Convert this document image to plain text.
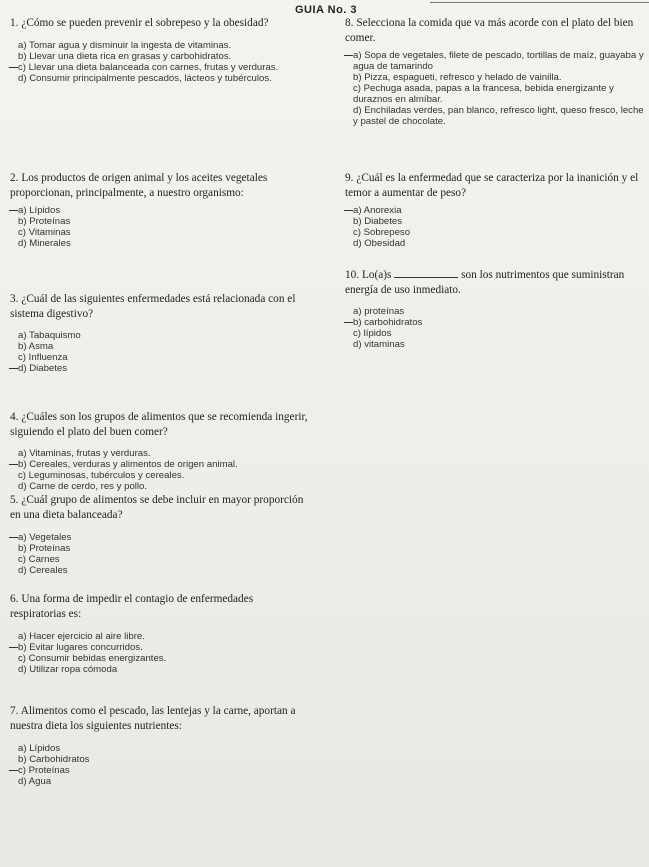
GUIA No. 3
1. ¿Cómo se pueden prevenir el sobrepeso y la obesidad?
a) Tomar agua y disminuir la ingesta de vitaminas.
b) Llevar una dieta rica en grasas y carbohidratos.
c) Llevar una dieta balanceada con carnes, frutas y verduras.
d) Consumir principalmente pescados, lácteos y tubérculos.
2. Los productos de origen animal y los aceites vegetales proporcionan, principalmente, a nuestro organismo:
a) Lípidos
b) Proteínas
c) Vitaminas
d) Minerales
3. ¿Cuál de las siguientes enfermedades está relacionada con el sistema digestivo?
a) Tabaquismo
b) Asma
c) Influenza
d) Diabetes
4. ¿Cuáles son los grupos de alimentos que se recomienda ingerir, siguiendo el plato del buen comer?
a) Vitaminas, frutas y verduras.
b) Cereales, verduras y alimentos de origen animal.
c) Leguminosas, tubérculos y cereales.
d) Carne de cerdo, res y pollo.
5. ¿Cuál grupo de alimentos se debe incluir en mayor proporción en una dieta balanceada?
a) Vegetales
b) Proteínas
c) Carnes
d) Cereales
6. Una forma de impedir el contagio de enfermedades respiratorias es:
a) Hacer ejercicio al aire libre.
b) Evitar lugares concurridos.
c) Consumir bebidas energizantes.
d) Utilizar ropa cómoda
7. Alimentos como el pescado, las lentejas y la carne, aportan a nuestra dieta los siguientes nutrientes:
a) Lípidos
b) Carbohidratos
c) Proteínas
d) Agua
8. Selecciona la comida que va más acorde con el plato del bien comer.
a) Sopa de vegetales, filete de pescado, tortillas de maíz, guayaba y agua de tamarindo
b) Pizza, espagueti, refresco y helado de vainilla.
c) Pechuga asada, papas a la francesa, bebida energizante y duraznos en almíbar.
d) Enchiladas verdes, pan blanco, refresco light, queso fresco, leche y pastel de chocolate.
9. ¿Cuál es la enfermedad que se caracteriza por la inanición y el temor a aumentar de peso?
a) Anorexia
b) Diabetes
c) Sobrepeso
d) Obesidad
10. Lo(a)s	son los nutrimentos que suministran energía de uso inmediato.
a) proteínas
b) carbohidratos
c) lípidos
d) vitaminas
